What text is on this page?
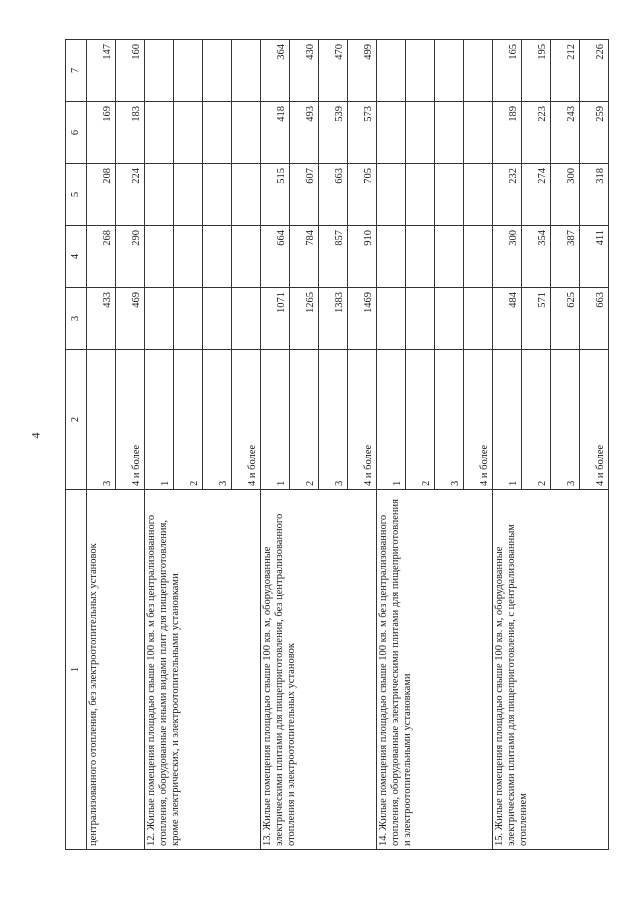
4
1	2	3	4	5	6	7
централизованного отопления, без электроотопительных установок	3	433	268	208	169	147
	4 и более	469	290	224	183	160
12. Жилые помещения площадью свыше 100 кв. м без централизованного отопления, оборудованные иными видами плит для пищеприготовления, кроме электрических, и электроотопительными установками	1					
	2					
	3					
	4 и более					
13. Жилые помещения площадью свыше 100 кв. м, оборудованные электрическими плитами для пищеприготовления, без централизованного отопления и электроотопительных установок	1	1071	664	515	418	364
	2	1265	784	607	493	430
	3	1383	857	663	539	470
	4 и более	1469	910	705	573	499
14. Жилые помещения площадью свыше 100 кв. м без централизованного отопления, оборудованные электрическими плитами для пищеприготовления и электроотопительными установками	1					
	2					
	3					
	4 и более					
15. Жилые помещения площадью свыше 100 кв. м, оборудованные электрическими плитами для пищеприготовления, с централизованным отоплением	1	484	300	232	189	165
	2	571	354	274	223	195
	3	625	387	300	243	212
	4 и более	663	411	318	259	226
